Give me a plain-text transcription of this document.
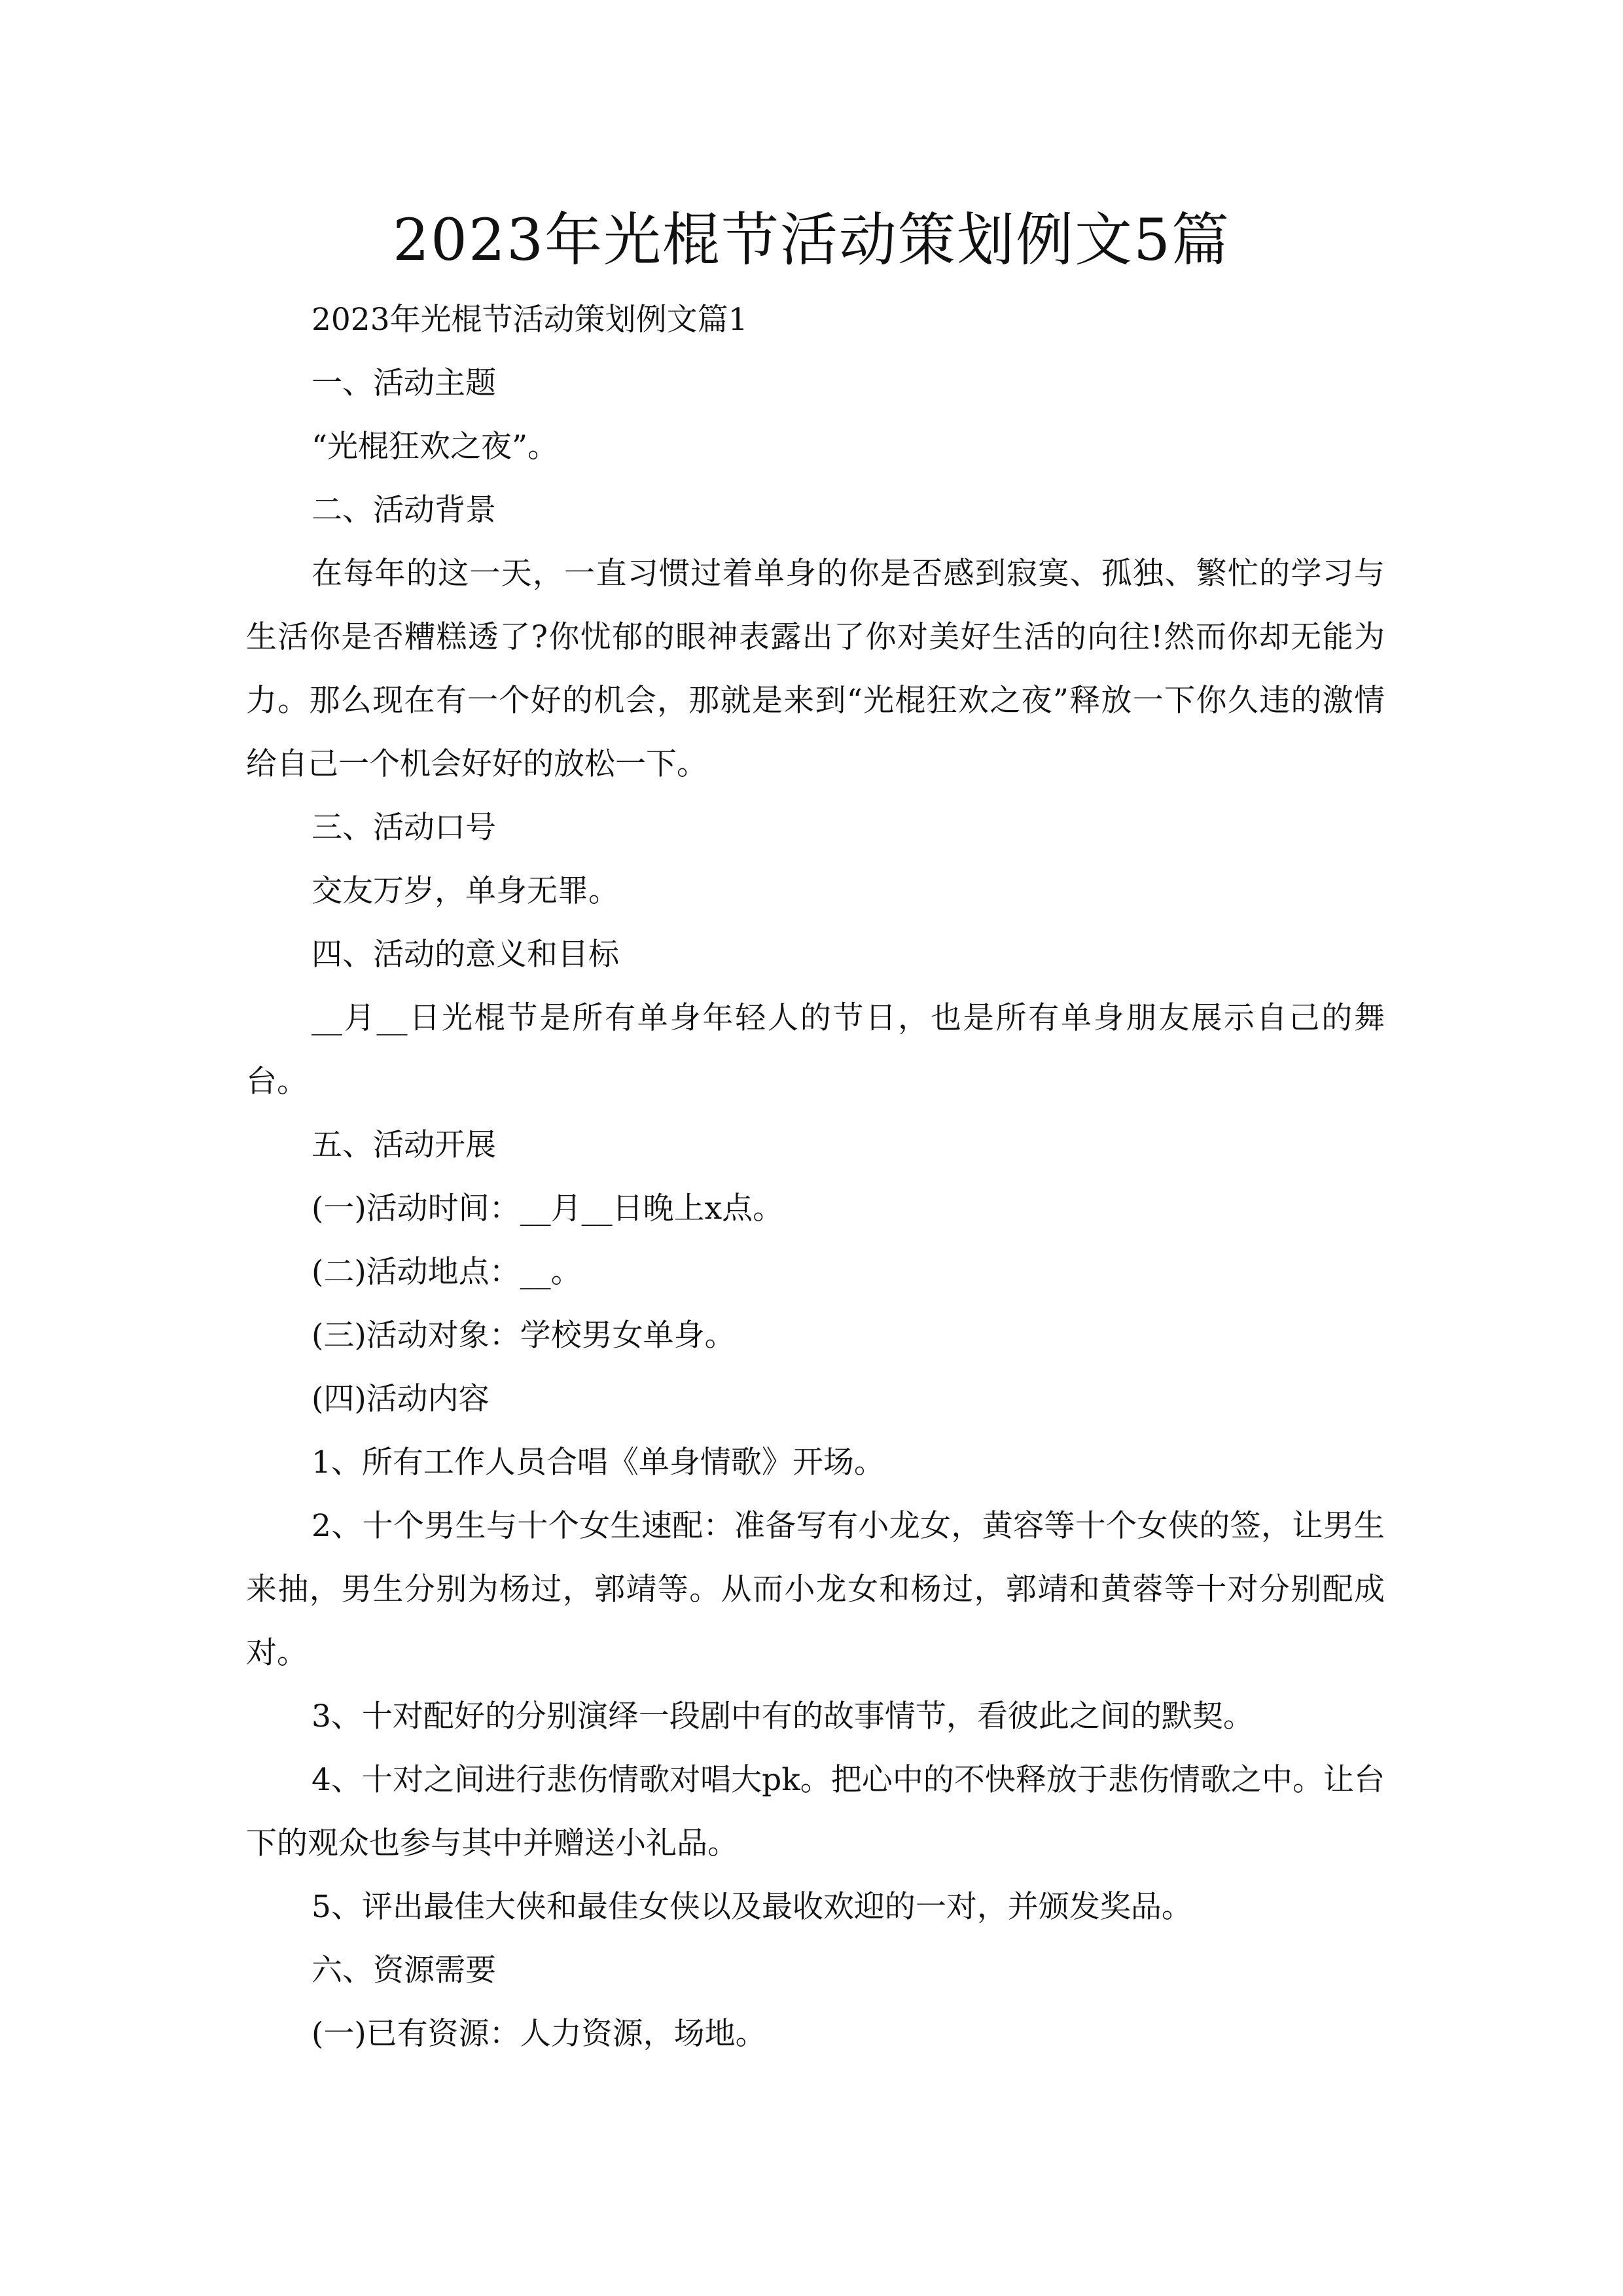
2023年光棍节活动策划例文5篇

2023年光棍节活动策划例文篇1

一、活动主题

“光棍狂欢之夜”。

二、活动背景

在每年的这一天，一直习惯过着单身的你是否感到寂寞、孤独、繁忙的学习与生活你是否糟糕透了?你忧郁的眼神表露出了你对美好生活的向往!然而你却无能为力。那么现在有一个好的机会，那就是来到“光棍狂欢之夜”释放一下你久违的激情给自己一个机会好好的放松一下。

三、活动口号

交友万岁，单身无罪。

四、活动的意义和目标

__月__日光棍节是所有单身年轻人的节日，也是所有单身朋友展示自己的舞台。

五、活动开展

(一)活动时间：__月__日晚上x点。

(二)活动地点：__。

(三)活动对象：学校男女单身。

(四)活动内容

1、所有工作人员合唱《单身情歌》开场。

2、十个男生与十个女生速配：准备写有小龙女，黄容等十个女侠的签，让男生来抽，男生分别为杨过，郭靖等。从而小龙女和杨过，郭靖和黄蓉等十对分别配成对。

3、十对配好的分别演绎一段剧中有的故事情节，看彼此之间的默契。

4、十对之间进行悲伤情歌对唱大pk。把心中的不快释放于悲伤情歌之中。让台下的观众也参与其中并赠送小礼品。

5、评出最佳大侠和最佳女侠以及最收欢迎的一对，并颁发奖品。

六、资源需要

(一)已有资源：人力资源，场地。
